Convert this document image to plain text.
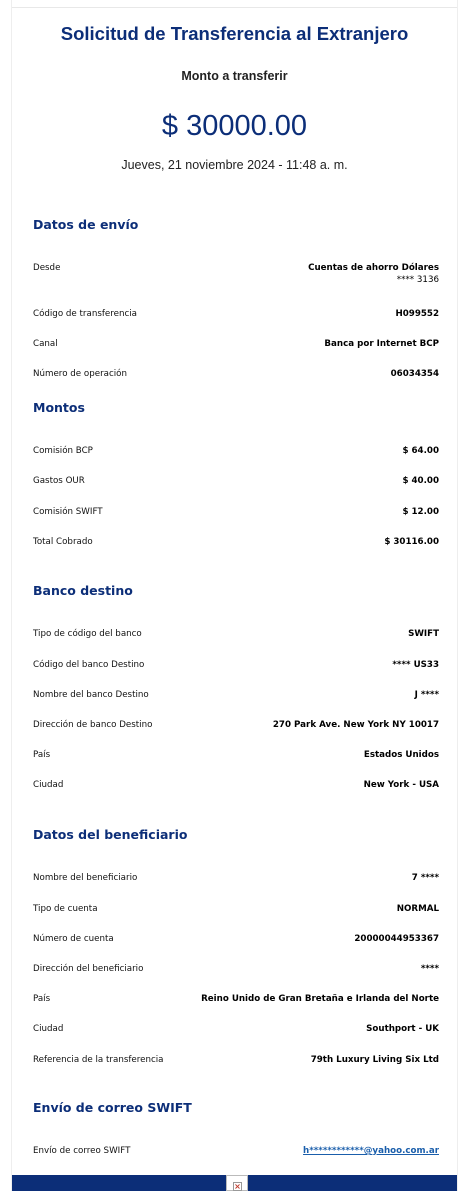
Solicitud de Transferencia al Extranjero
Monto a transferir
$ 30000.00
Jueves, 21 noviembre 2024 - 11:48 a. m.
Datos de envío
Desde	Cuentas de ahorro Dólares
**** 3136
Código de transferencia	H099552
Canal	Banca por Internet BCP
Número de operación	06034354
Montos
Comisión BCP	$ 64.00
Gastos OUR	$ 40.00
Comisión SWIFT	$ 12.00
Total Cobrado	$ 30116.00
Banco destino
Tipo de código del banco	SWIFT
Código del banco Destino	**** US33
Nombre del banco Destino	J ****
Dirección de banco Destino	270 Park Ave. New York NY 10017
País	Estados Unidos
Ciudad	New York - USA
Datos del beneficiario
Nombre del beneficiario	7 ****
Tipo de cuenta	NORMAL
Número de cuenta	20000044953367
Dirección del beneficiario	****
País	Reino Unido de Gran Bretaña e Irlanda del Norte
Ciudad	Southport - UK
Referencia de la transferencia	79th Luxury Living Six Ltd
Envío de correo SWIFT
Envío de correo SWIFT	h************@yahoo.com.ar
×
